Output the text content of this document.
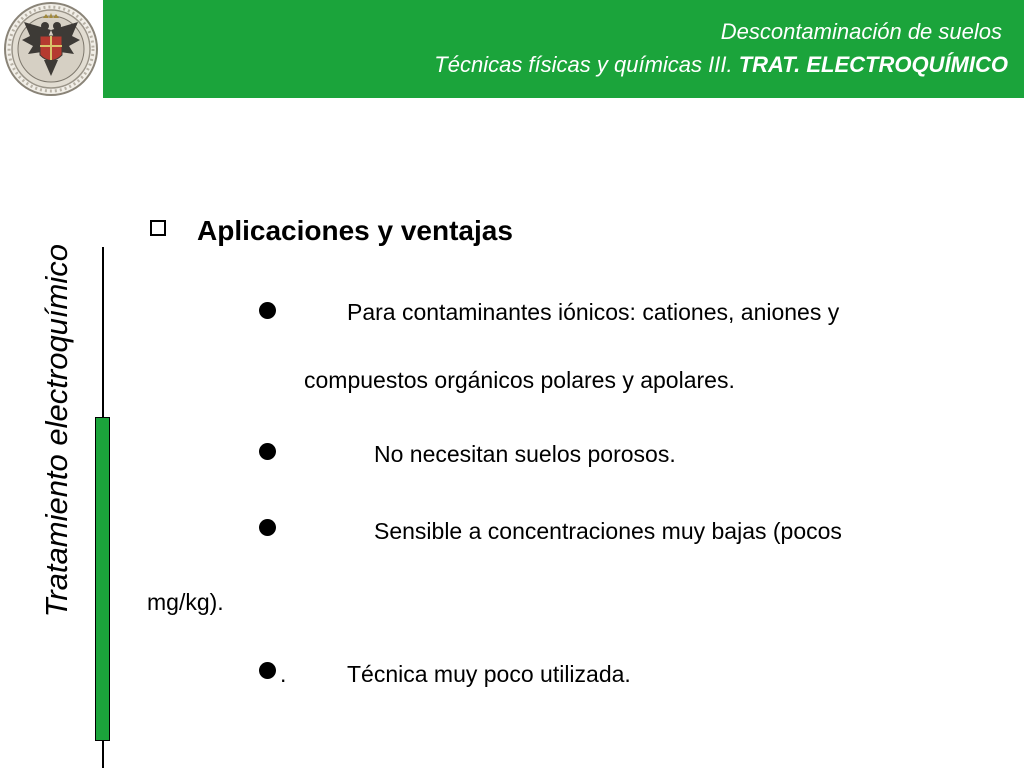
Descontaminación de suelos
Técnicas físicas y químicas III. TRAT. ELECTROQUÍMICO
Tratamiento electroquímico
Aplicaciones y ventajas
Para contaminantes iónicos: cationes, aniones y
compuestos orgánicos polares y apolares.
No necesitan suelos porosos.
Sensible a concentraciones muy bajas (pocos
mg/kg).
.	Técnica muy poco utilizada.
